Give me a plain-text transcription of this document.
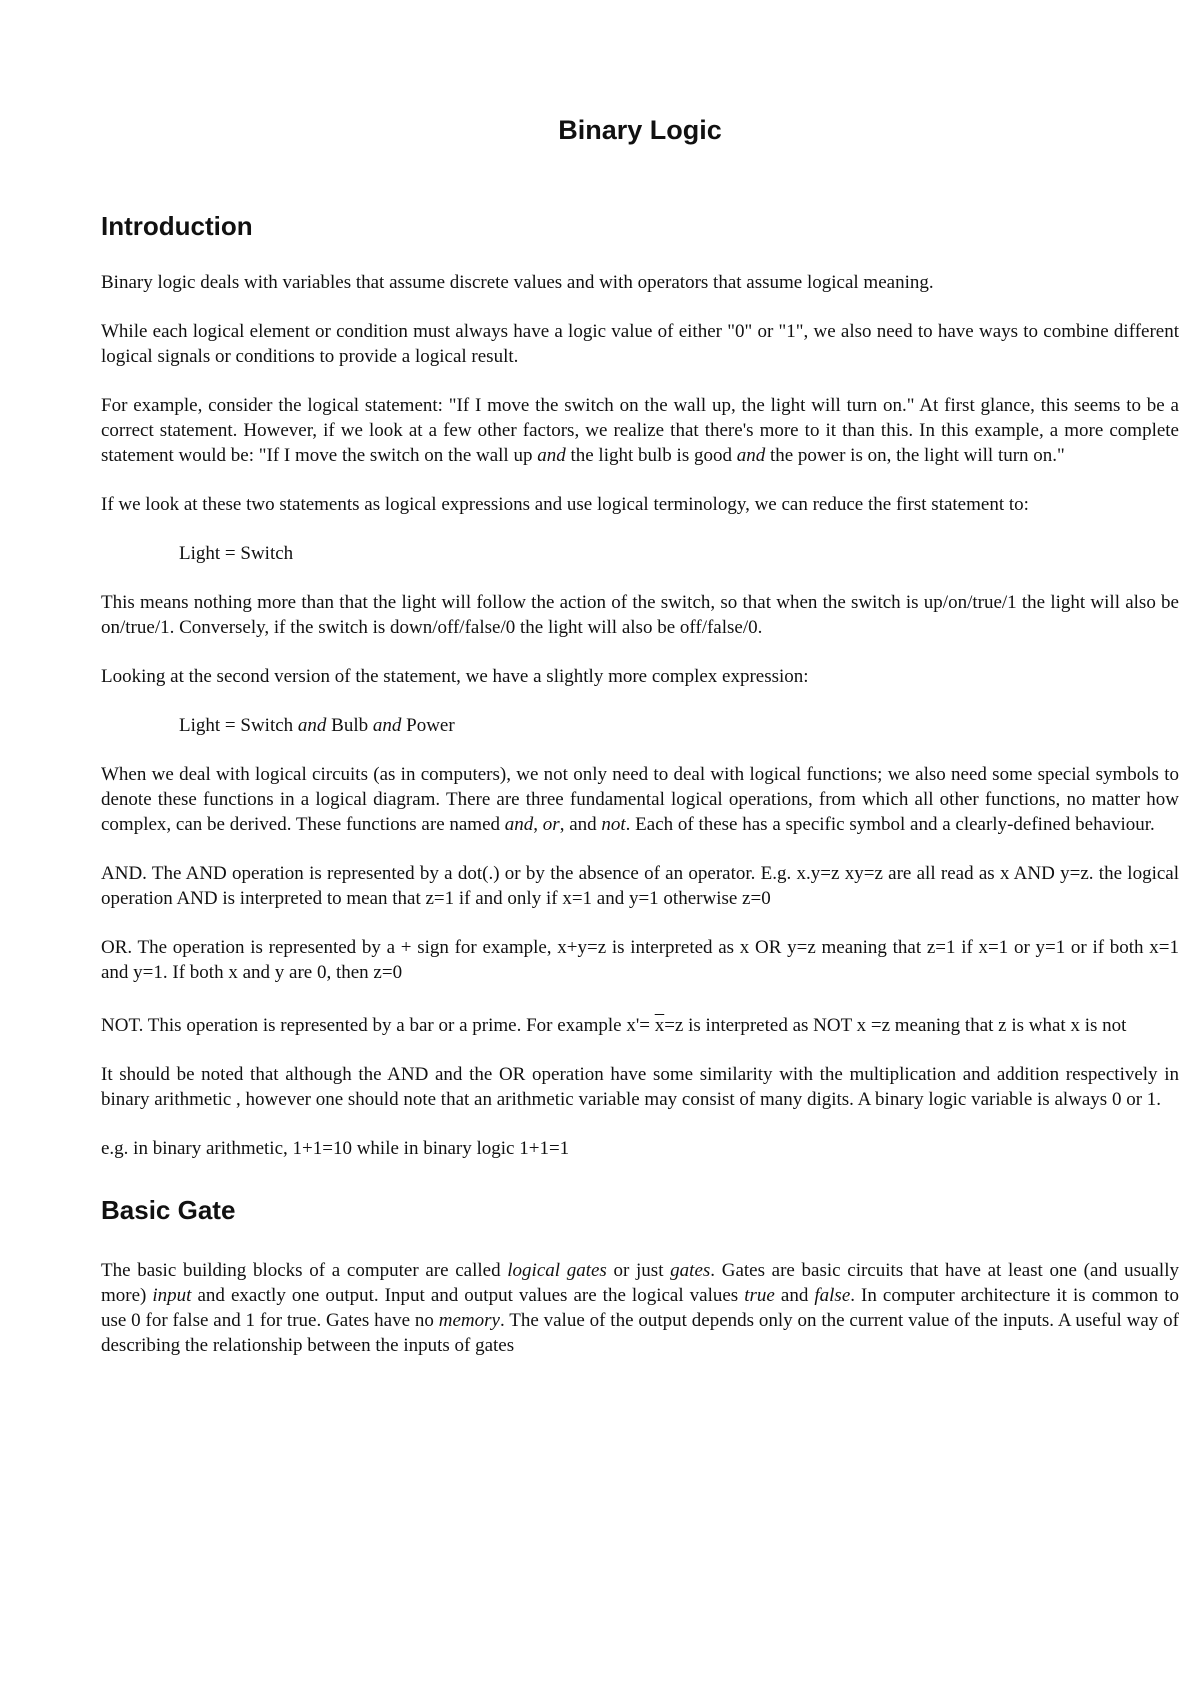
Binary Logic
Introduction

Binary logic deals with variables that assume discrete values and with operators that assume logical meaning.

While each logical element or condition must always have a logic value of either "0" or "1", we also need to have ways to combine different logical signals or conditions to provide a logical result.

For example, consider the logical statement: "If I move the switch on the wall up, the light will turn on." At first glance, this seems to be a correct statement. However, if we look at a few other factors, we realize that there's more to it than this. In this example, a more complete statement would be: "If I move the switch on the wall up and the light bulb is good and the power is on, the light will turn on."

If we look at these two statements as logical expressions and use logical terminology, we can reduce the first statement to:

Light = Switch

This means nothing more than that the light will follow the action of the switch, so that when the switch is up/on/true/1 the light will also be on/true/1. Conversely, if the switch is down/off/false/0 the light will also be off/false/0.

Looking at the second version of the statement, we have a slightly more complex expression:

Light = Switch and Bulb and Power

When we deal with logical circuits (as in computers), we not only need to deal with logical functions; we also need some special symbols to denote these functions in a logical diagram. There are three fundamental logical operations, from which all other functions, no matter how complex, can be derived. These functions are named and, or, and not. Each of these has a specific symbol and a clearly-defined behaviour.

AND. The AND operation is represented by a dot(.) or by the absence of an operator. E.g. x.y=z xy=z are all read as x AND y=z. the logical operation AND is interpreted to mean that z=1 if and only if x=1 and y=1 otherwise z=0

OR. The operation is represented by a + sign for example, x+y=z is interpreted as x OR y=z meaning that z=1 if x=1 or y=1 or if both x=1 and y=1. If both x and y are 0, then z=0

NOT. This operation is represented by a bar or a prime. For example $x'= \overline{x}=z$ is interpreted as NOT x =z meaning that z is what x is not

It should be noted that although the AND and the OR operation have some similarity with the multiplication and addition respectively in binary arithmetic , however one should note that an arithmetic variable may consist of many digits. A binary logic variable is always 0 or 1.

e.g. in binary arithmetic, 1+1=10 while in binary logic 1+1=1

Basic Gate

The basic building blocks of a computer are called logical gates or just gates. Gates are basic circuits that have at least one (and usually more) input and exactly one output. Input and output values are the logical values true and false. In computer architecture it is common to use 0 for false and 1 for true. Gates have no memory. The value of the output depends only on the current value of the inputs. A useful way of describing the relationship between the inputs of gates
